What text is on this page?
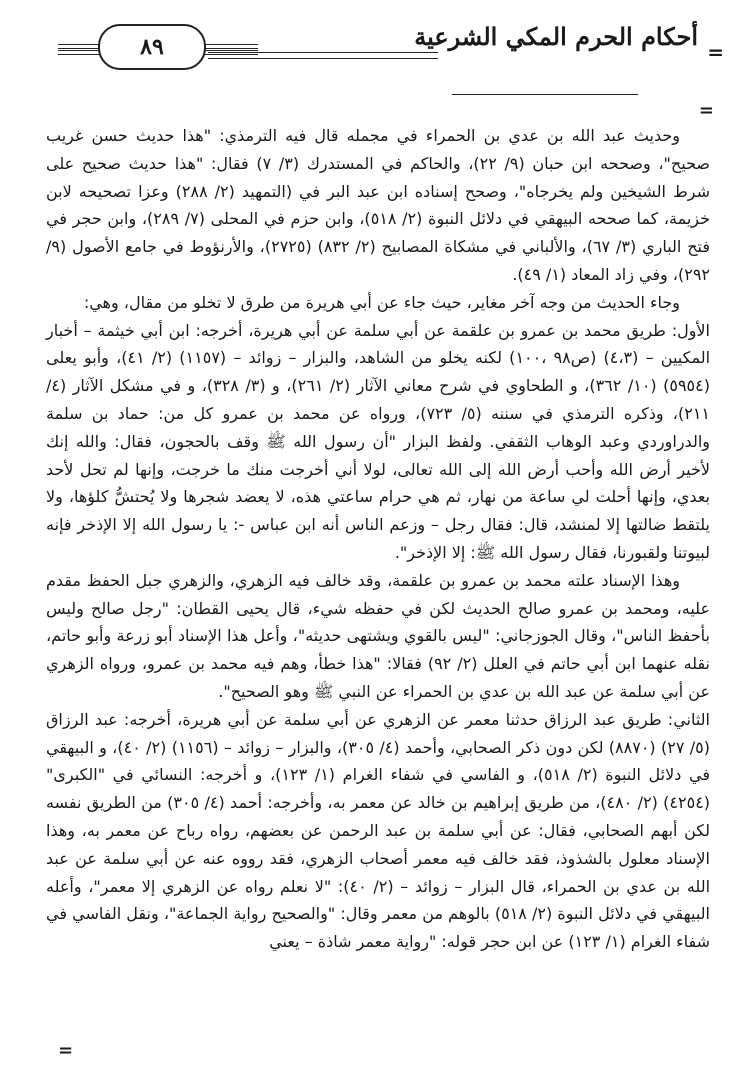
٨٩	أحكام الحرم المكي الشرعية
=
=

وحديث عبد الله بن عدي بن الحمراء في مجمله قال فيه الترمذي: "هذا حديث حسن غريب صحيح"، وصححه ابن حبان (٩/ ٢٢)، والحاكم في المستدرك (٣/ ٧) فقال: "هذا حديث صحيح على شرط الشيخين ولم يخرجاه"، وصحح إسناده ابن عبد البر في (التمهيد (٢/ ٢٨٨) وعزا تصحيحه لابن خزيمة، كما صححه البيهقي في دلائل النبوة (٢/ ٥١٨)، وابن حزم في المحلى (٧/ ٢٨٩)، وابن حجر في فتح الباري (٣/ ٦٧)، والألباني في مشكاة المصابيح (٢/ ٨٣٢) (٢٧٢٥)، والأرنؤوط في جامع الأصول (٩/ ٢٩٢)، وفي زاد المعاد (١/ ٤٩).

وجاء الحديث من وجه آخر مغاير، حيث جاء عن أبي هريرة من طرق لا تخلو من مقال، وهي:

الأول: طريق محمد بن عمرو بن علقمة عن أبي سلمة عن أبي هريرة، أخرجه: ابن أبي خيثمة – أخبار المكيين – (٤،٣) (ص٩٨ ،١٠٠) لكنه يخلو من الشاهد، والبزار – زوائد – (١١٥٧) (٢/ ٤١)، وأبو يعلى (٥٩٥٤) (١٠/ ٣٦٢)، و الطحاوي في شرح معاني الآثار (٢/ ٢٦١)، و (٣/ ٣٢٨)، و في مشكل الآثار (٤/ ٢١١)، وذكره الترمذي في سننه (٥/ ٧٢٣)، ورواه عن محمد بن عمرو كل من: حماد بن سلمة والدراوردي وعبد الوهاب الثقفي. ولفظ البزار "أن رسول الله ﷺ وقف بالحجون، فقال: والله إنك لأخير أرض الله وأحب أرض الله إلى الله تعالى، لولا أني أخرجت منك ما خرجت، وإنها لم تحل لأحد بعدي، وإنها أحلت لي ساعة من نهار، ثم هي حرام ساعتي هذه، لا يعضد شجرها ولا يُحتشُّ كلؤها، ولا يلتقط ضالتها إلا لمنشد، قال: فقال رجل – وزعم الناس أنه ابن عباس -: يا رسول الله إلا الإذخر فإنه لبيوتنا ولقبورنا، فقال رسول الله ﷺ: إلا الإذخر".

وهذا الإسناد علته محمد بن عمرو بن علقمة، وقد خالف فيه الزهري، والزهري جبل الحفظ مقدم عليه، ومحمد بن عمرو صالح الحديث لكن في حفظه شيء، قال يحيى القطان: "رجل صالح وليس بأحفظ الناس"، وقال الجوزجاني: "ليس بالقوي ويشتهى حديثه"، وأعل هذا الإسناد أبو زرعة وأبو حاتم، نقله عنهما ابن أبي حاتم في العلل (٢/ ٩٢) فقالا: "هذا خطأ، وهم فيه محمد بن عمرو، ورواه الزهري عن أبي سلمة عن عبد الله بن عدي بن الحمراء عن النبي ﷺ وهو الصحيح".

الثاني: طريق عبد الرزاق حدثنا معمر عن الزهري عن أبي سلمة عن أبي هريرة، أخرجه: عبد الرزاق (٥/ ٢٧) (٨٨٧٠) لكن دون ذكر الصحابي، وأحمد (٤/ ٣٠٥)، والبزار – زوائد – (١١٥٦) (٢/ ٤٠)، و البيهقي في دلائل النبوة (٢/ ٥١٨)، و الفاسي في شفاء الغرام (١/ ١٢٣)، و أخرجه: النسائي في "الكبرى"(٤٢٥٤) (٢/ ٤٨٠)، من طريق إبراهيم بن خالد عن معمر به، وأخرجه: أحمد (٤/ ٣٠٥) من الطريق نفسه لكن أبهم الصحابي، فقال: عن أبي سلمة بن عبد الرحمن عن بعضهم، رواه رباح عن معمر به، وهذا الإسناد معلول بالشذوذ، فقد خالف فيه معمر أصحاب الزهري، فقد رووه عنه عن أبي سلمة عن عبد الله بن عدي بن الحمراء، قال البزار – زوائد – (٢/ ٤٠): "لا نعلم رواه عن الزهري إلا معمر"، وأعله البيهقي في دلائل النبوة (٢/ ٥١٨) بالوهم من معمر وقال: "والصحيح رواية الجماعة"، ونقل الفاسي في شفاء الغرام (١/ ١٢٣) عن ابن حجر قوله: "رواية معمر شاذة – يعني

=
